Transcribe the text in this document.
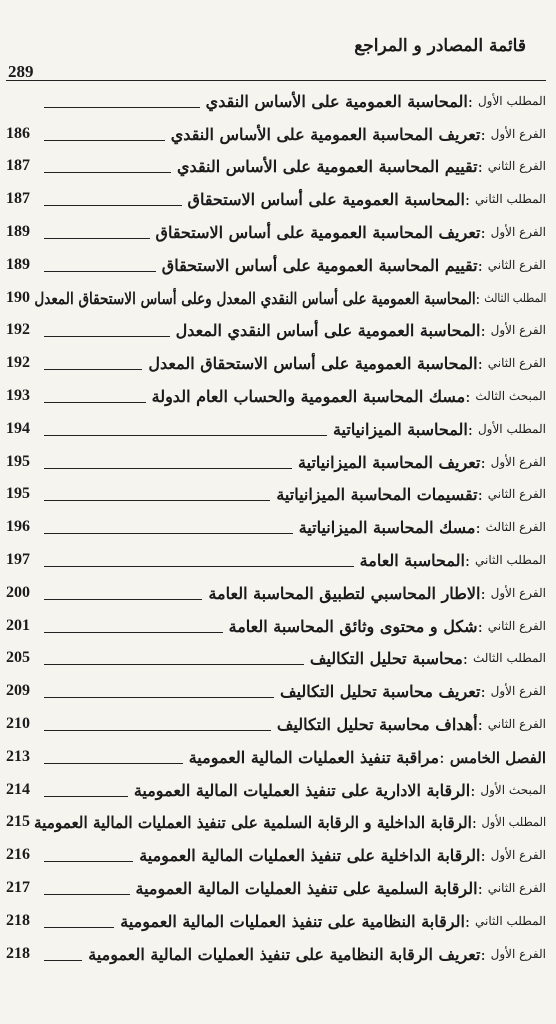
قائمة المصادر و المراجع
289
المطلب الأول :المحاسبة العمومية على الأساس النقدي
186	الفرع الأول :تعريف المحاسبة العمومية على الأساس النقدي
187	الفرع الثاني :تقييم المحاسبة العمومية على الأساس النقدي
187	المطلب الثاني :المحاسبة العمومية على أساس الاستحقاق
189	الفرع الأول :تعريف المحاسبة العمومية على أساس الاستحقاق
189	الفرع الثاني :تقييم المحاسبة العمومية على أساس الاستحقاق
190	المطلب الثالث :المحاسبة العمومية على أساس النقدي المعدل وعلى أساس الاستحقاق المعدل
192	الفرع الأول :المحاسبة العمومية على أساس النقدي المعدل
192	الفرع الثاني :المحاسبة العمومية على أساس الاستحقاق المعدل
193	المبحث الثالث :مسك المحاسبة العمومية والحساب العام الدولة
194	المطلب الأول :المحاسبة الميزانياتية
195	الفرع الأول :تعريف المحاسبة الميزانياتية
195	الفرع الثاني :تقسيمات المحاسبة الميزانياتية
196	الفرع الثالث :مسك المحاسبة الميزانياتية
197	المطلب الثاني :المحاسبة العامة
200	الفرع الأول :الاطار المحاسبي لتطبيق المحاسبة العامة
201	الفرع الثاني :شكل و محتوى وثائق المحاسبة العامة
205	المطلب الثالث :محاسبة تحليل التكاليف
209	الفرع الأول :تعريف محاسبة تحليل التكاليف
210	الفرع الثاني :أهداف محاسبة تحليل التكاليف
213	الفصل الخامس :مراقبة تنفيذ العمليات المالية العمومية
214	المبحث الأول :الرقابة الادارية على تنفيذ العمليات المالية العمومية
215	المطلب الأول :الرقابة الداخلية و الرقابة السلمية على تنفيذ العمليات المالية العمومية
216	الفرع الأول :الرقابة الداخلية على تنفيذ العمليات المالية العمومية
217	الفرع الثاني :الرقابة السلمية على تنفيذ العمليات المالية العمومية
218	المطلب الثاني :الرقابة النظامية على تنفيذ العمليات المالية العمومية
218	الفرع الأول :تعريف الرقابة النظامية على تنفيذ العمليات المالية العمومية
